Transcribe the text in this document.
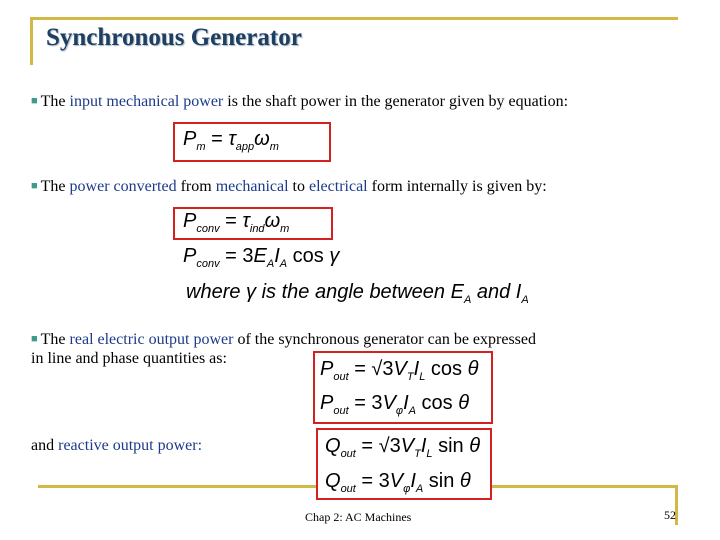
Synchronous Generator
■ The input mechanical power is the shaft power in the generator given by equation:
$P_m = \tau_{app}\omega_m$
■ The power converted from mechanical to electrical form internally is given by:
$P_{conv} = \tau_{ind}\omega_m$
$P_{conv} = 3E_AI_A$ cos γ
where γ is the angle between $E_A$ and $I_A$
■ The real electric output power of the synchronous generator can be expressed
in line and phase quantities as:	$P_{out} = √3V_TI_L$ cos θ
$P_{out} = 3V_\varphi I_A$ cos θ
and reactive output power:	$Q_{out} = √3V_TI_L$ sin θ
$Q_{out} = 3V_\varphi I_A$ sin θ
Chap 2: AC Machines	52
